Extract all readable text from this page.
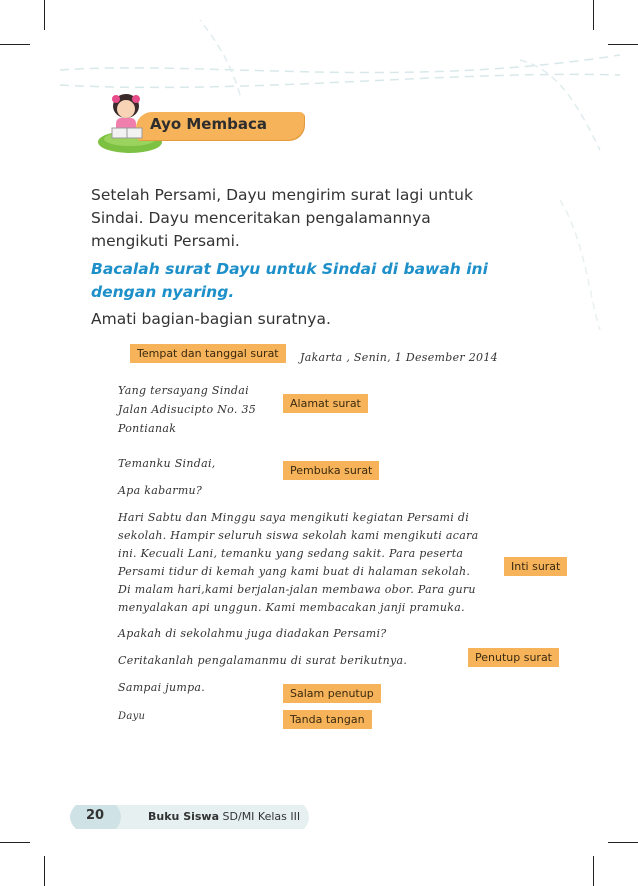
Ayo Membaca
Setelah Persami, Dayu mengirim surat lagi untuk
Sindai. Dayu menceritakan pengalamannya
mengikuti Persami.
Bacalah surat Dayu untuk Sindai di bawah ini
dengan nyaring.
Amati bagian-bagian suratnya.
Tempat dan tanggal surat
Alamat surat
Pembuka surat
Inti surat
Penutup surat
Salam penutup
Tanda tangan
Jakarta , Senin, 1 Desember 2014
Yang tersayang Sindai
Jalan Adisucipto No. 35
Pontianak
Temanku Sindai,
Apa kabarmu?
Hari Sabtu dan Minggu saya mengikuti kegiatan Persami di
sekolah. Hampir seluruh siswa sekolah kami mengikuti acara
ini. Kecuali Lani, temanku yang sedang sakit. Para peserta
Persami tidur di kemah yang kami buat di halaman sekolah.
Di malam hari,kami berjalan-jalan membawa obor. Para guru
menyalakan api unggun. Kami membacakan janji pramuka.
Apakah di sekolahmu juga diadakan Persami?
Ceritakanlah pengalamanmu di surat berikutnya.
Sampai jumpa.
Dayu
20	Buku Siswa SD/MI Kelas III
